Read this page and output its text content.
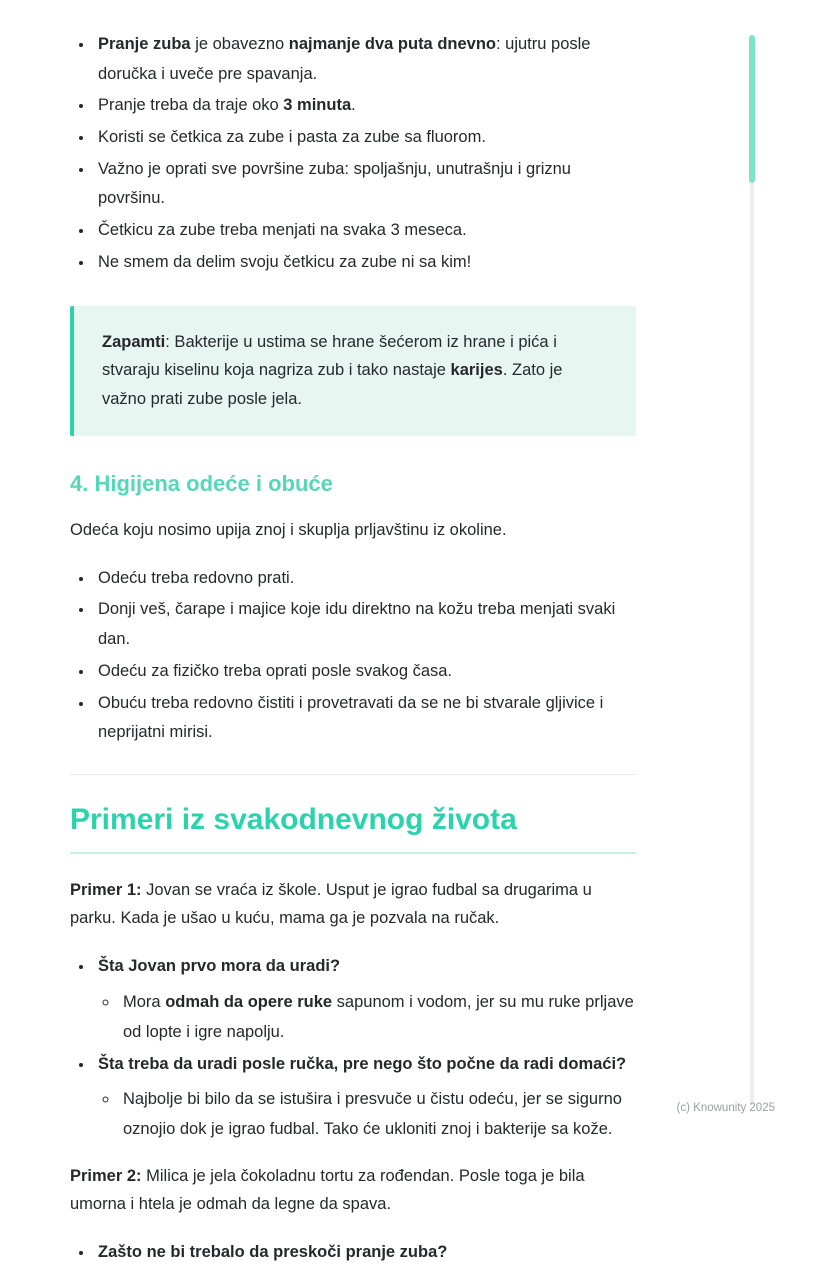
• Pranje zuba je obavezno najmanje dva puta dnevno: ujutru posle doručka i uveče pre spavanja.
• Pranje treba da traje oko 3 minuta.
• Koristi se četkica za zube i pasta za zube sa fluorom.
• Važno je oprati sve površine zuba: spoljašnju, unutrašnju i griznu površinu.
• Četkicu za zube treba menjati na svaka 3 meseca.
• Ne smem da delim svoju četkicu za zube ni sa kim!

Zapamti: Bakterije u ustima se hrane šećerom iz hrane i pića i stvaraju kiselinu koja nagriza zub i tako nastaje karijes. Zato je važno prati zube posle jela.

4. Higijena odeće i obuće

Odeća koju nosimo upija znoj i skuplja prljavštinu iz okoline.

• Odeću treba redovno prati.
• Donji veš, čarape i majice koje idu direktno na kožu treba menjati svaki dan.
• Odeću za fizičko treba oprati posle svakog časa.
• Obuću treba redovno čistiti i provetravati da se ne bi stvarale gljivice i neprijatni mirisi.
Primeri iz svakodnevnog života

Primer 1: Jovan se vraća iz škole. Usput je igrao fudbal sa drugarima u parku. Kada je ušao u kuću, mama ga je pozvala na ručak.

• Šta Jovan prvo mora da uradi?
◦ Mora odmah da opere ruke sapunom i vodom, jer su mu ruke prljave od lopte i igre napolju.
• Šta treba da uradi posle ručka, pre nego što počne da radi domaći?
◦ Najbolje bi bilo da se istušira i presvuče u čistu odeću, jer se sigurno oznojio dok je igrao fudbal. Tako će ukloniti znoj i bakterije sa kože.

Primer 2: Milica je jela čokoladnu tortu za rođendan. Posle toga je bila umorna i htela je odmah da legne da spava.

• Zašto ne bi trebalo da preskoči pranje zuba?
(c) Knowunity 2025
